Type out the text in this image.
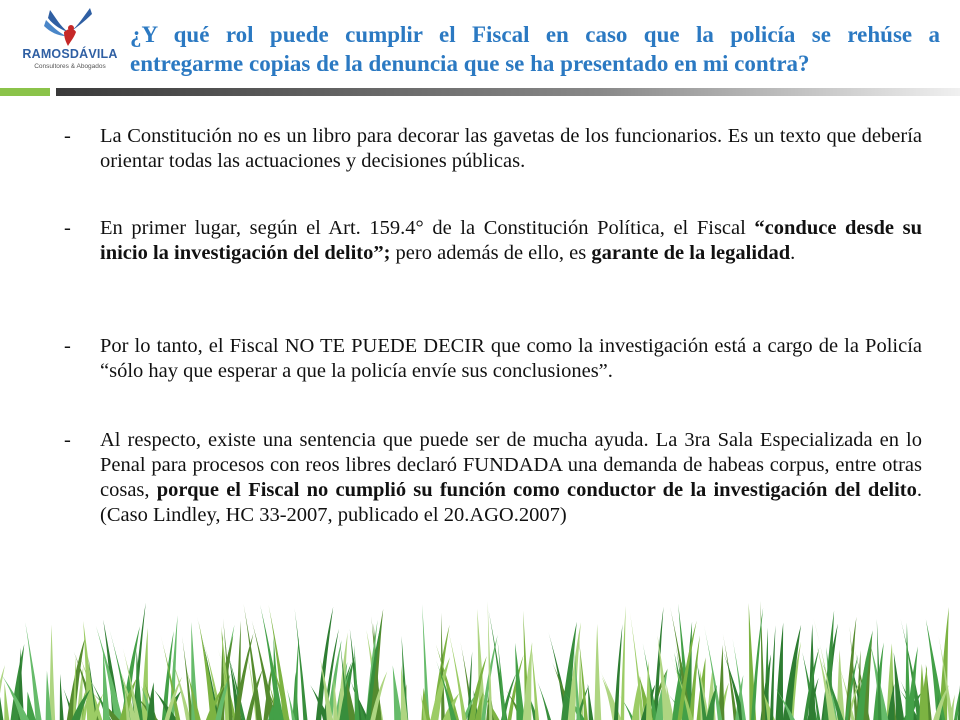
RAMOSDÁVILA
Consultores & Abogados
¿Y qué rol puede cumplir el Fiscal en caso que la policía se rehúse a
entregarme copias de la denuncia que se ha presentado en mi contra?
- La Constitución no es un libro para decorar las gavetas de los funcionarios. Es un texto que debería orientar todas las actuaciones y decisiones públicas.
- En primer lugar, según el Art. 159.4° de la Constitución Política, el Fiscal “conduce desde su inicio la investigación del delito”; pero además de ello, es garante de la legalidad.
- Por lo tanto, el Fiscal NO TE PUEDE DECIR que como la investigación está a cargo de la Policía “sólo hay que esperar a que la policía envíe sus conclusiones”.
- Al respecto, existe una sentencia que puede ser de mucha ayuda. La 3ra Sala Especializada en lo Penal para procesos con reos libres declaró FUNDADA una demanda de habeas corpus, entre otras cosas, porque el Fiscal no cumplió su función como conductor de la investigación del delito. (Caso Lindley, HC 33-2007, publicado el 20.AGO.2007)
